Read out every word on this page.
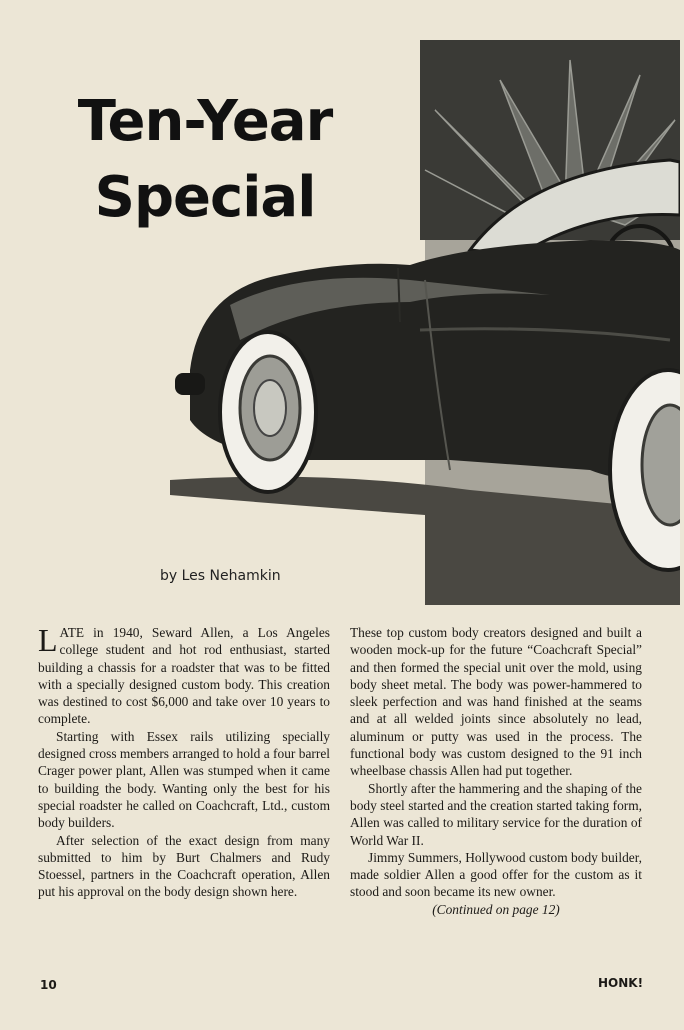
Ten-Year
Special
by Les Nehamkin

LATE in 1940, Seward Allen, a Los Angeles college student and hot rod enthusiast, started building a chassis for a roadster that was to be fitted with a specially designed custom body. This creation was destined to cost $6,000 and take over 10 years to complete.

Starting with Essex rails utilizing specially designed cross members arranged to hold a four barrel Crager power plant, Allen was stumped when it came to building the body. Wanting only the best for his special roadster he called on Coachcraft, Ltd., custom body builders.

After selection of the exact design from many submitted to him by Burt Chalmers and Rudy Stoessel, partners in the Coachcraft operation, Allen put his approval on the body design shown here.

These top custom body creators designed and built a wooden mock-up for the future “Coachcraft Special” and then formed the special unit over the mold, using body sheet metal. The body was power-hammered to sleek perfection and was hand finished at the seams and at all welded joints since absolutely no lead, aluminum or putty was used in the process. The functional body was custom designed to the 91 inch wheelbase chassis Allen had put together.

Shortly after the hammering and the shaping of the body steel started and the creation started taking form, Allen was called to military service for the duration of World War II.

Jimmy Summers, Hollywood custom body builder, made soldier Allen a good offer for the custom as it stood and soon became its new owner.

(Continued on page 12)

10	HONK!
